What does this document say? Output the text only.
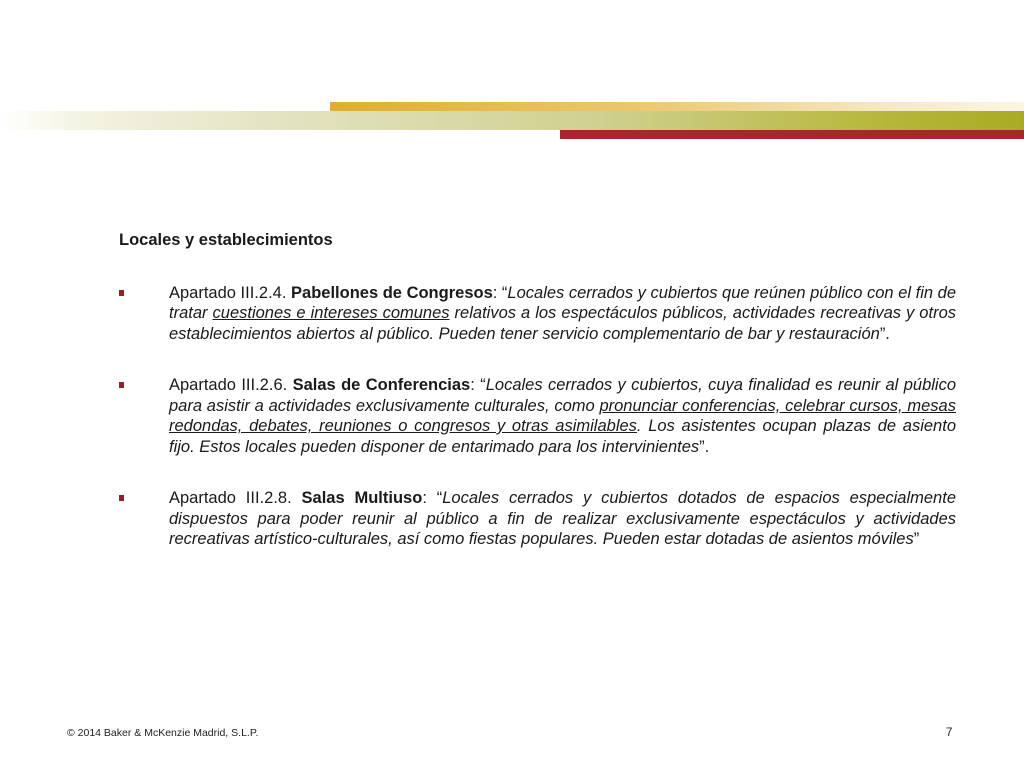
Locales y establecimientos

Apartado III.2.4. Pabellones de Congresos: “Locales cerrados y cubiertos que reúnen público con el fin de tratar cuestiones e intereses comunes relativos a los espectáculos públicos, actividades recreativas y otros establecimientos abiertos al público. Pueden tener servicio complementario de bar y restauración”.
Apartado III.2.6. Salas de Conferencias: “Locales cerrados y cubiertos, cuya finalidad es reunir al público para asistir a actividades exclusivamente culturales, como pronunciar conferencias, celebrar cursos, mesas redondas, debates, reuniones o congresos y otras asimilables. Los asistentes ocupan plazas de asiento fijo. Estos locales pueden disponer de entarimado para los intervinientes”.
Apartado III.2.8. Salas Multiuso: “Locales cerrados y cubiertos dotados de espacios especialmente dispuestos para poder reunir al público a fin de realizar exclusivamente espectáculos y actividades recreativas artístico-culturales, así como fiestas populares. Pueden estar dotadas de asientos móviles”
© 2014 Baker & McKenzie Madrid, S.L.P.	7
